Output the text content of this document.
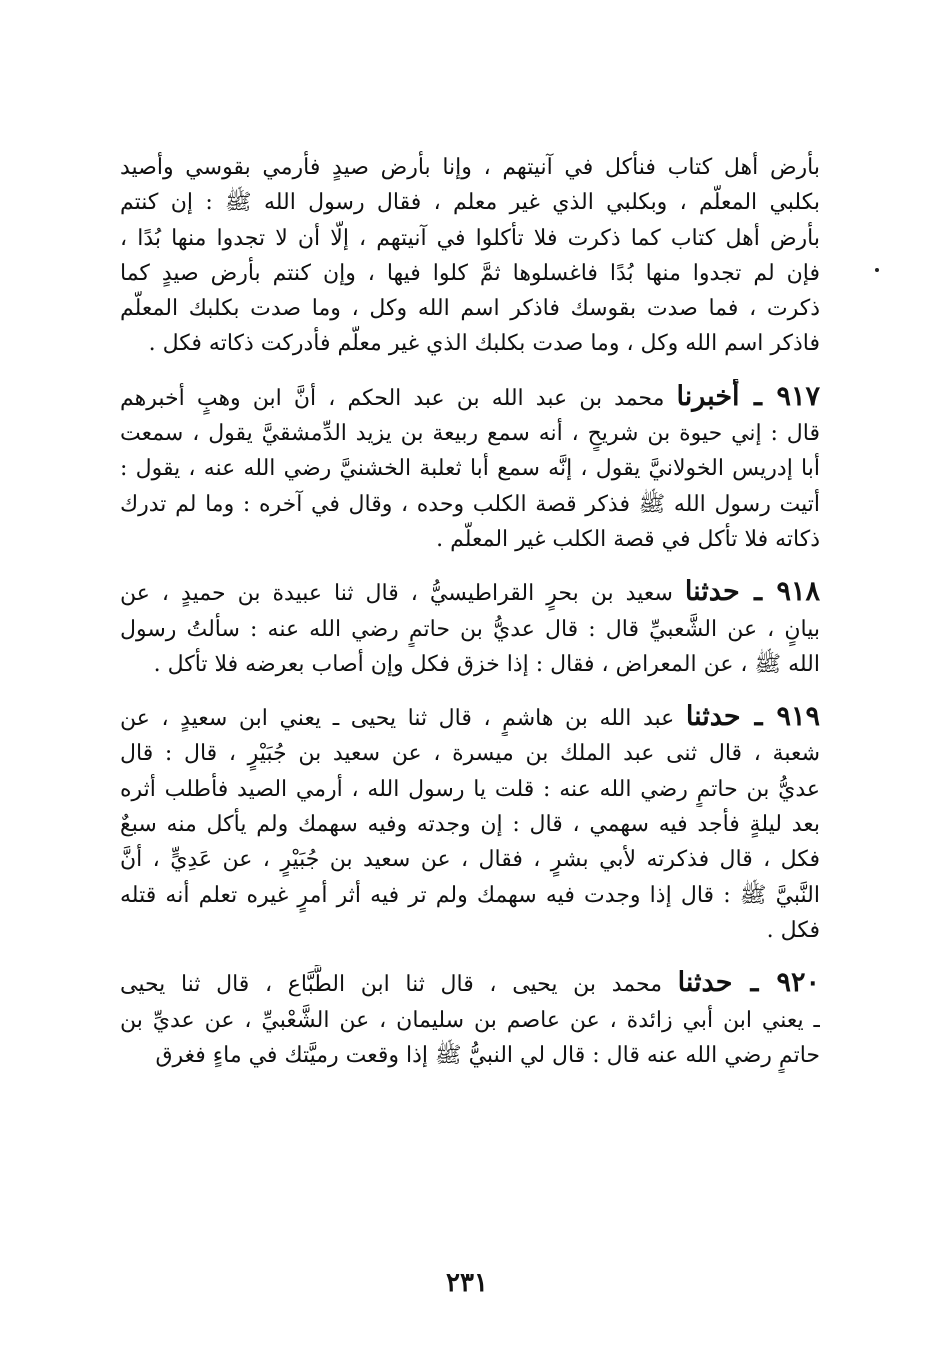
بأرض أهل كتاب فنأكل في آنيتهم ، وإنا بأرض صيدٍ فأرمي بقوسي وأصيد
بكلبي المعلَّم ، وبكلبي الذي غير معلم ، فقال رسول الله ﷺ : إن كنتم
بأرض أهل كتاب كما ذكرت فلا تأكلوا في آنيتهم ، إلَّا أن لا تجدوا منها بُدًا ،
فإن لم تجدوا منها بُدًا فاغسلوها ثمَّ كلوا فيها ، وإن كنتم بأرض صيدٍ كما
ذكرت ، فما صدت بقوسك فاذكر اسم الله وكل ، وما صدت بكلبك المعلَّم
فاذكر اسم الله وكل ، وما صدت بكلبك الذي غير معلَّم فأدركت ذكاته فكل .
٩١٧ ـ أخبرنا محمد بن عبد الله بن عبد الحكم ، أنَّ ابن وهبٍ أخبرهم
قال : إني حيوة بن شريحٍ ، أنه سمع ربيعة بن يزيد الدِّمشقيَّ يقول ، سمعت
أبا إدريس الخولانيَّ يقول ، إنَّه سمع أبا ثعلبة الخشنيَّ رضي الله عنه ، يقول :
أتيت رسول الله ﷺ فذكر قصة الكلب وحده ، وقال في آخره : وما لم تدرك
ذكاته فلا تأكل في قصة الكلب غير المعلَّم .
٩١٨ ـ حدثنا سعيد بن بحرٍ القراطيسيُّ ، قال ثنا عبيدة بن حميدٍ ، عن
بيانٍ ، عن الشَّعبيِّ قال : قال عديُّ بن حاتمٍ رضي الله عنه : سألتُ رسول
الله ﷺ ، عن المعراض ، فقال : إذا خزق فكل وإن أصاب بعرضه فلا تأكل .
٩١٩ ـ حدثنا عبد الله بن هاشمٍ ، قال ثنا يحيى ـ يعني ابن سعيدٍ ، عن
شعبة ، قال ثنى عبد الملك بن ميسرة ، عن سعيد بن جُبَيْرٍ ، قال : قال
عديُّ بن حاتمٍ رضي الله عنه : قلت يا رسول الله ، أرمي الصيد فأطلب أثره
بعد ليلةٍ فأجد فيه سهمي ، قال : إن وجدته وفيه سهمك ولم يأكل منه سبعٌ
فكل ، قال فذكرته لأبي بشرٍ ، فقال ، عن سعيد بن جُبَيْرٍ ، عن عَدِيٍّ ، أنَّ
النَّبيَّ ﷺ : قال إذا وجدت فيه سهمك ولم تر فيه أثر أمرٍ غيره تعلم أنه قتله
فكل .
٩٢٠ ـ حدثنا محمد بن يحيى ، قال ثنا ابن الطَّبَّاع ، قال ثنا يحيى
ـ يعني ابن أبي زائدة ، عن عاصم بن سليمان ، عن الشَّعْبيِّ ، عن عديِّ بن
حاتمٍ رضي الله عنه قال : قال لي النبيُّ ﷺ إذا وقعت رميَّتك في ماءٍ فغرق
٢٣١
